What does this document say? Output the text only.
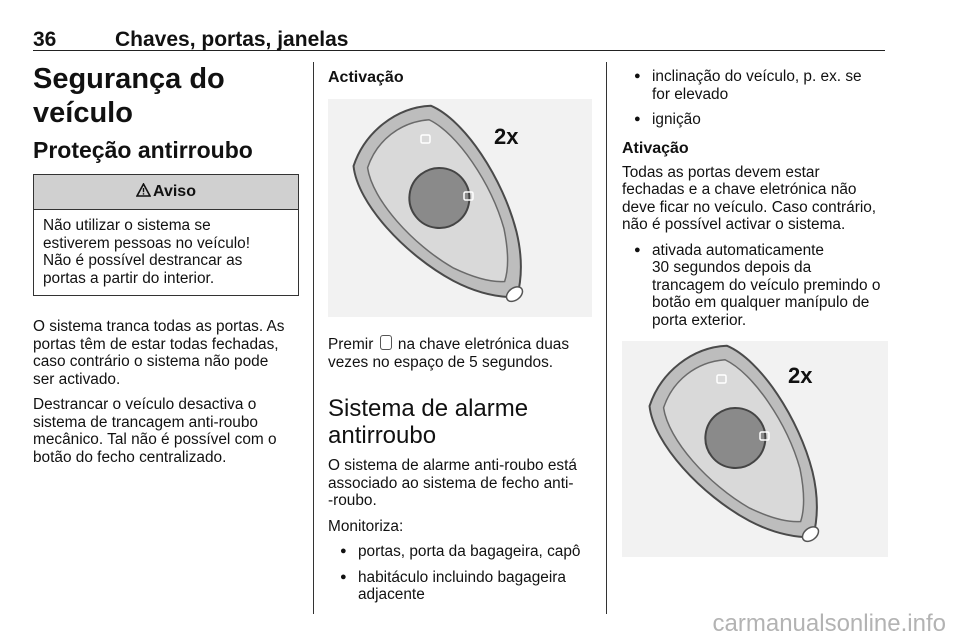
36	Chaves, portas, janelas
Segurança do veículo
Proteção antirroubo
Aviso

Não utilizar o sistema se
estiverem pessoas no veículo!
Não é possível destrancar as
portas a partir do interior.

O sistema tranca todas as portas. As
portas têm de estar todas fechadas,
caso contrário o sistema não pode
ser activado.

Destrancar o veículo desactiva o
sistema de trancagem anti-roubo
mecânico. Tal não é possível com o
botão do fecho centralizado.

Activação
2x

Premir na chave eletrónica duas
vezes no espaço de 5 segundos.

Sistema de alarme
antirroubo

O sistema de alarme anti-roubo está
associado ao sistema de fecho anti-
-roubo.

Monitoriza:

● portas, porta da bagageira, capô
● habitáculo incluindo bagageira
adjacente
● inclinação do veículo, p. ex. se
for elevado
● ignição
Ativação

Todas as portas devem estar
fechadas e a chave eletrónica não
deve ficar no veículo. Caso contrário,
não é possível activar o sistema.

● ativada automaticamente
30 segundos depois da
trancagem do veículo premindo o
botão em qualquer manípulo de
porta exterior.
2x
carmanualsonline.info
